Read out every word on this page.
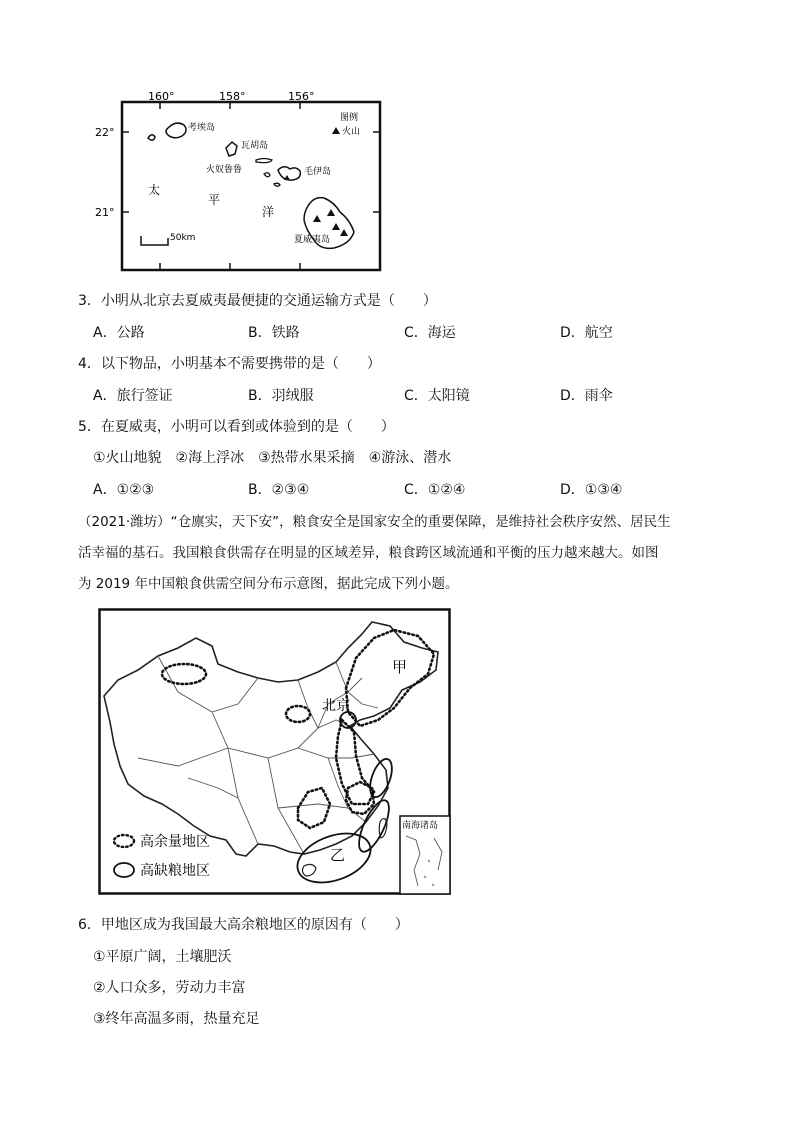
160°	158°	156°
22°
21°
考埃岛
瓦胡岛
火奴鲁鲁	毛伊岛
夏威夷岛
图例
火山
太
平
洋
50km
3．小明从北京去夏威夷最便捷的交通运输方式是（　　）
A．公路	B．铁路	C．海运	D．航空
4．以下物品，小明基本不需要携带的是（　　）
A．旅行签证	B．羽绒服	C．太阳镜	D．雨伞
5．在夏威夷，小明可以看到或体验到的是（　　）
①火山地貌　②海上浮冰　③热带水果采摘　④游泳、潜水
A．①②③	B．②③④	C．①②④	D．①③④
（2021·潍坊）“仓廪实，天下安”，粮食安全是国家安全的重要保障，是维持社会秩序安然、居民生
活幸福的基石。我国粮食供需存在明显的区域差异，粮食跨区域流通和平衡的压力越来越大。如图
为 2019 年中国粮食供需空间分布示意图，据此完成下列小题。
北京
甲
乙
南海诸岛
高余量地区
高缺粮地区
6．甲地区成为我国最大高余粮地区的原因有（　　）
①平原广阔，土壤肥沃
②人口众多，劳动力丰富
③终年高温多雨，热量充足
